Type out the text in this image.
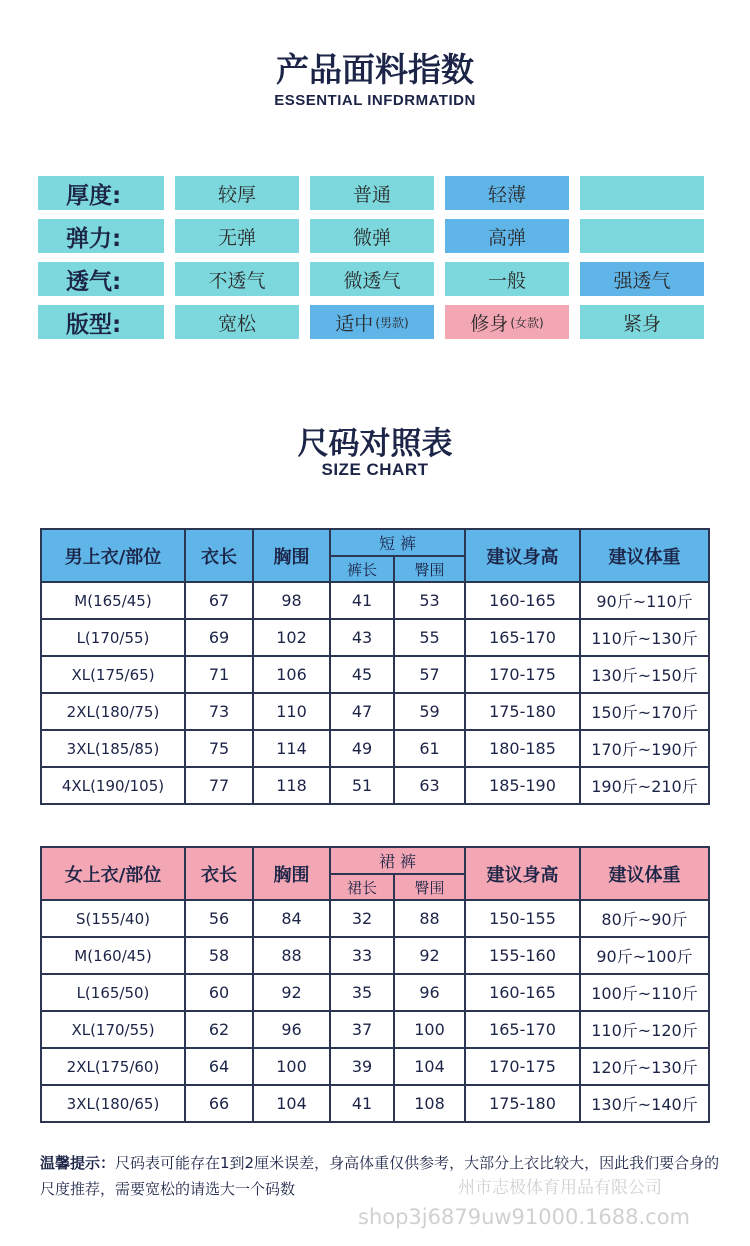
产品面料指数
ESSENTIAL INFDRMATIDN
厚度:	较厚	普通	轻薄
弹力:	无弹	微弹	高弹
透气:	不透气	微透气	一般	强透气
版型:	宽松	适中 (男款)	修身 (女款)	紧身
尺码对照表
SIZE CHART
男上衣/部位	衣长	胸围	短 裤		建议身高	建议体重
			裤长	臀围		
M(165/45)	67	98	41	53	160-165	90斤~110斤
L(170/55)	69	102	43	55	165-170	110斤~130斤
XL(175/65)	71	106	45	57	170-175	130斤~150斤
2XL(180/75)	73	110	47	59	175-180	150斤~170斤
3XL(185/85)	75	114	49	61	180-185	170斤~190斤
4XL(190/105)	77	118	51	63	185-190	190斤~210斤
女上衣/部位	衣长	胸围	裙 裤		建议身高	建议体重
			裙长	臀围		
S(155/40)	56	84	32	88	150-155	80斤~90斤
M(160/45)	58	88	33	92	155-160	90斤~100斤
L(165/50)	60	92	35	96	160-165	100斤~110斤
XL(170/55)	62	96	37	100	165-170	110斤~120斤
2XL(175/60)	64	100	39	104	170-175	120斤~130斤
3XL(180/65)	66	104	41	108	175-180	130斤~140斤
温馨提示：尺码表可能存在1到2厘米误差，身高体重仅供参考，大部分上衣比较大，因此我们要合身的尺度推荐，需要宽松的请选大一个码数	州市志极体育用品有限公司
shop3j6879uw91000.1688.com
